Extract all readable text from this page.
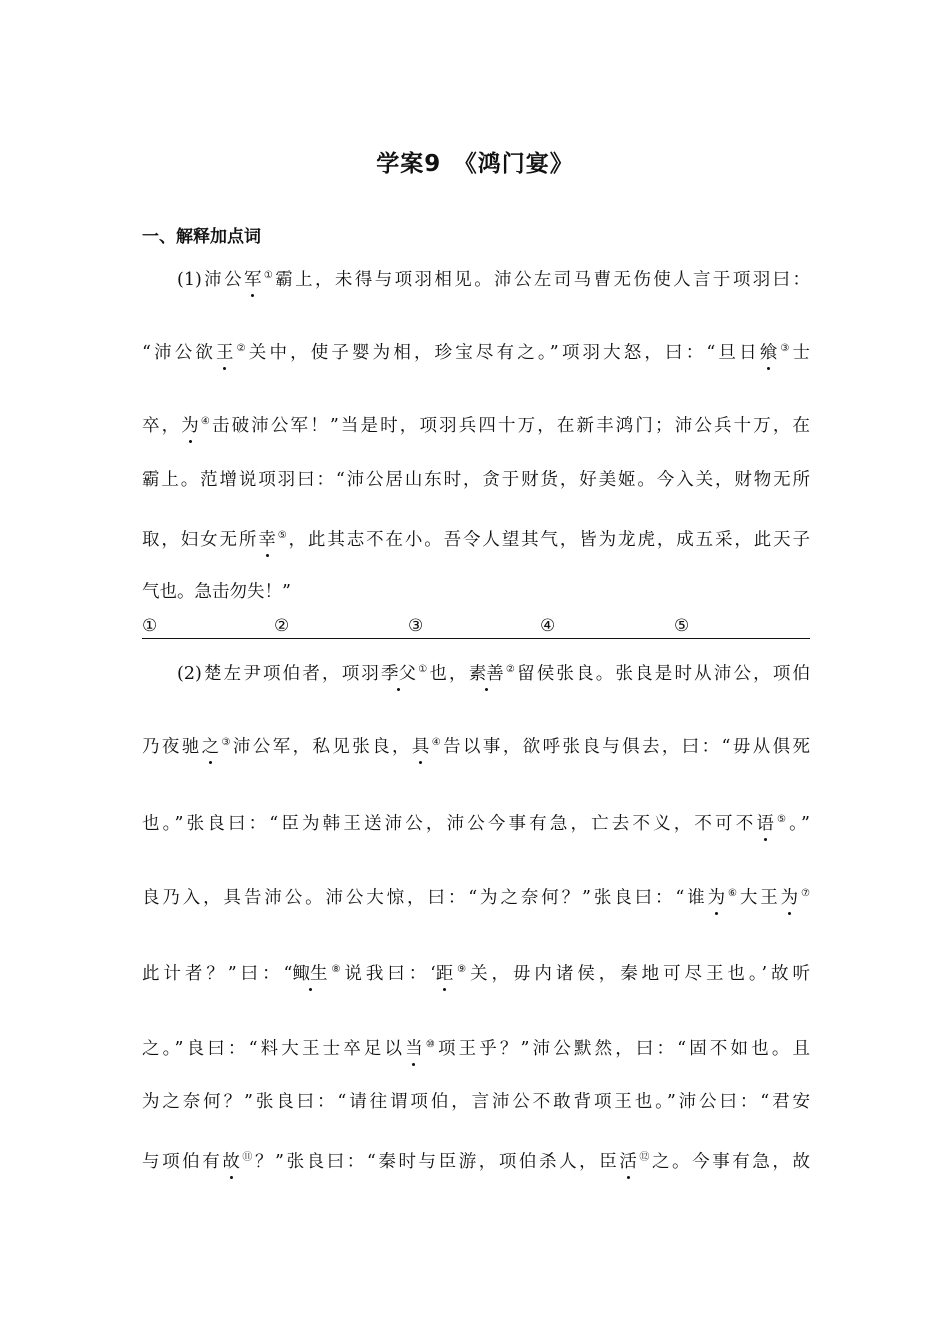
学案9　《鸿门宴》
一、解释加点词
(1)沛公军①霸上，未得与项羽相见。沛公左司马曹无伤使人言于项羽曰：
“沛公欲王②关中，使子婴为相，珍宝尽有之。”项羽大怒，曰：“旦日飨③士
卒，为④击破沛公军！”当是时，项羽兵四十万，在新丰鸿门；沛公兵十万，在
霸上。范增说项羽曰：“沛公居山东时，贪于财货，好美姬。今入关，财物无所
取，妇女无所幸⑤，此其志不在小。吾令人望其气，皆为龙虎，成五采，此天子
气也。急击勿失！”
①	②	③	④	⑤
(2)楚左尹项伯者，项羽季父①也，素善②留侯张良。张良是时从沛公，项伯
乃夜驰之③沛公军，私见张良，具④告以事，欲呼张良与俱去，曰：“毋从俱死
也。”张良曰：“臣为韩王送沛公，沛公今事有急，亡去不义，不可不语⑤。”
良乃入，具告沛公。沛公大惊，曰：“为之奈何？”张良曰：“谁为⑥大王为⑦
此计者？”曰：“鲰生⑧说我曰：‘距⑨关，毋内诸侯，秦地可尽王也。’故听
之。”良曰：“料大王士卒足以当⑩项王乎？”沛公默然，曰：“固不如也。且
为之奈何？”张良曰：“请往谓项伯，言沛公不敢背项王也。”沛公曰：“君安
与项伯有故⑪？”张良曰：“秦时与臣游，项伯杀人，臣活⑫之。今事有急，故
